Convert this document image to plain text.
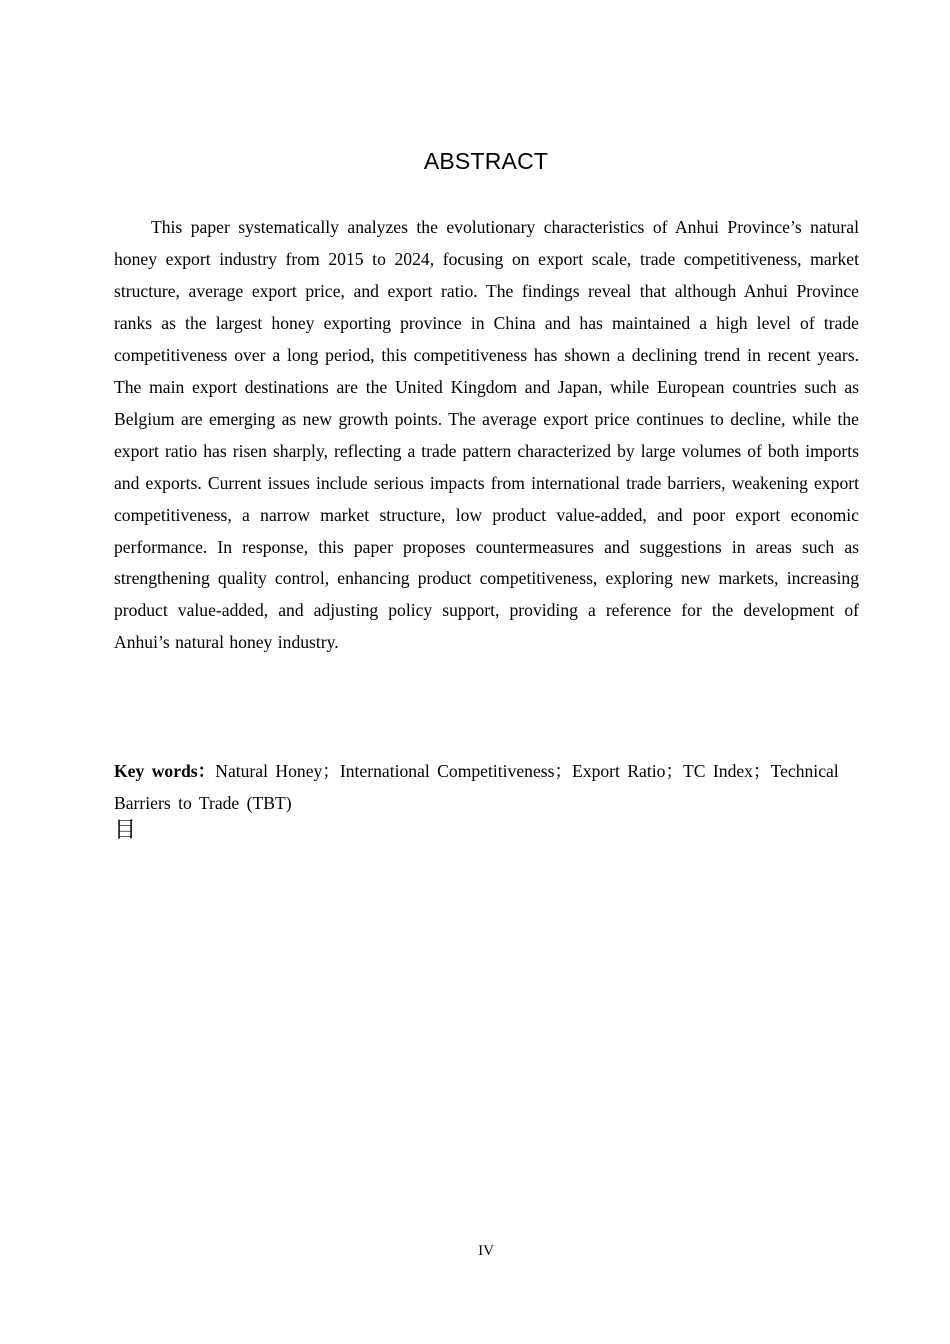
ABSTRACT

This paper systematically analyzes the evolutionary characteristics of Anhui Province’s natural honey export industry from 2015 to 2024, focusing on export scale, trade competitiveness, market structure, average export price, and export ratio. The findings reveal that although Anhui Province ranks as the largest honey exporting province in China and has maintained a high level of trade competitiveness over a long period, this competitiveness has shown a declining trend in recent years. The main export destinations are the United Kingdom and Japan, while European countries such as Belgium are emerging as new growth points. The average export price continues to decline, while the export ratio has risen sharply, reflecting a trade pattern characterized by large volumes of both imports and exports. Current issues include serious impacts from international trade barriers, weakening export competitiveness, a narrow market structure, low product value-added, and poor export economic performance. In response, this paper proposes countermeasures and suggestions in areas such as strengthening quality control, enhancing product competitiveness, exploring new markets, increasing product value-added, and adjusting policy support, providing a reference for the development of Anhui’s natural honey industry.

Key words：Natural Honey；International Competitiveness；Export Ratio；TC Index；Technical Barriers to Trade (TBT)

目
IV
